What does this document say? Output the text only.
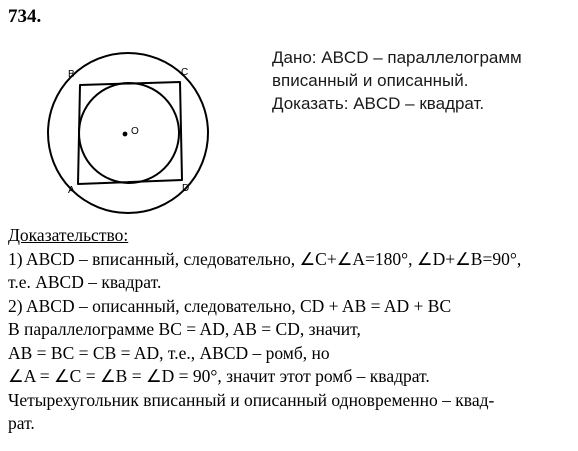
734.
B	C
A	D
O
Дано: ABCD – параллелограмм
вписанный и описанный.
Доказать: ABCD – квадрат.
Доказательство:
1) ABCD – вписанный, следовательно, ∠C+∠A=180°, ∠D+∠B=90°,
т.е. ABCD – квадрат.
2) ABCD – описанный, следовательно, CD + AB = AD + BC
В параллелограмме BC = AD, AB = CD, значит,
AB = BC = CB = AD, т.е., ABCD – ромб, но
∠A = ∠C = ∠B = ∠D = 90°, значит этот ромб – квадрат.
Четырехугольник вписанный и описанный одновременно – квад-
рат.
